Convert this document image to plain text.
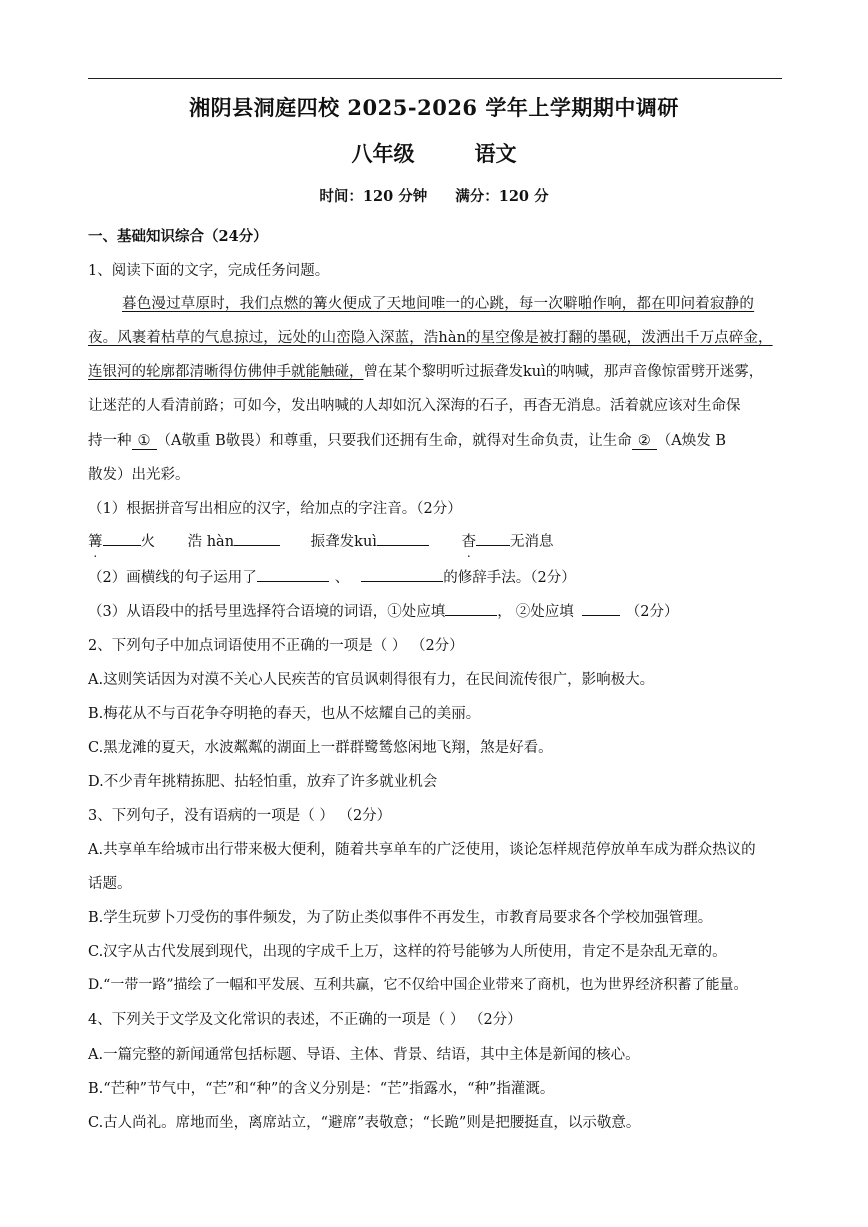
湘阴县洞庭四校 2025-2026 学年上学期期中调研
八年级	语文
时间：120 分钟 满分：120 分
一、基础知识综合（24分）
1、阅读下面的文字，完成任务问题。
暮色漫过草原时，我们点燃的篝火便成了天地间唯一的心跳，每一次噼啪作响，都在叩问着寂静的
夜。风裹着枯草的气息掠过，远处的山峦隐入深蓝，浩hàn的星空像是被打翻的墨砚，泼洒出千万点碎金，
连银河的轮廓都清晰得仿佛伸手就能触碰，曾在某个黎明听过振聋发kuì的呐喊，那声音像惊雷劈开迷雾，
让迷茫的人看清前路；可如今，发出呐喊的人却如沉入深海的石子，再杳无消息。活着就应该对生命保
持一种 ① （A敬重 B敬畏）和尊重，只要我们还拥有生命，就得对生命负责，让生命 ② （A焕发 B
散发）出光彩。
（1）根据拼音写出相应的汉字，给加点的字注音。（2分）
篝	火 浩 hàn	振聋发kuì	杳 无消息
（2）画横线的句子运用了	、	的修辞手法。（2分）
（3）从语段中的括号里选择符合语境的词语，①处应填	， ②处应填	（2分）
2、下列句子中加点词语使用不正确的一项是（ ） （2分）
A.这则笑话因为对漠不关心人民疾苦的官员讽刺得很有力，在民间流传很广，影响极大。
B.梅花从不与百花争夺明艳的春天，也从不炫耀自己的美丽。
C.黑龙滩的夏天，水波粼粼的湖面上一群群鹭鸶悠闲地飞翔，煞是好看。
D.不少青年挑精拣肥、拈轻怕重，放弃了许多就业机会
3、下列句子，没有语病的一项是（ ） （2分）
A.共享单车给城市出行带来极大便利，随着共享单车的广泛使用，谈论怎样规范停放单车成为群众热议的
话题。
B.学生玩萝卜刀受伤的事件频发，为了防止类似事件不再发生，市教育局要求各个学校加强管理。
C.汉字从古代发展到现代，出现的字成千上万，这样的符号能够为人所使用，肯定不是杂乱无章的。
D.“一带一路”描绘了一幅和平发展、互利共赢，它不仅给中国企业带来了商机，也为世界经济积蓄了能量。
4、下列关于文学及文化常识的表述，不正确的一项是（ ） （2分）
A.一篇完整的新闻通常包括标题、导语、主体、背景、结语，其中主体是新闻的核心。
B.“芒种”节气中，“芒”和“种”的含义分别是：“芒”指露水，“种”指灌溉。
C.古人尚礼。席地而坐，离席站立，“避席”表敬意；“长跪”则是把腰挺直，以示敬意。
